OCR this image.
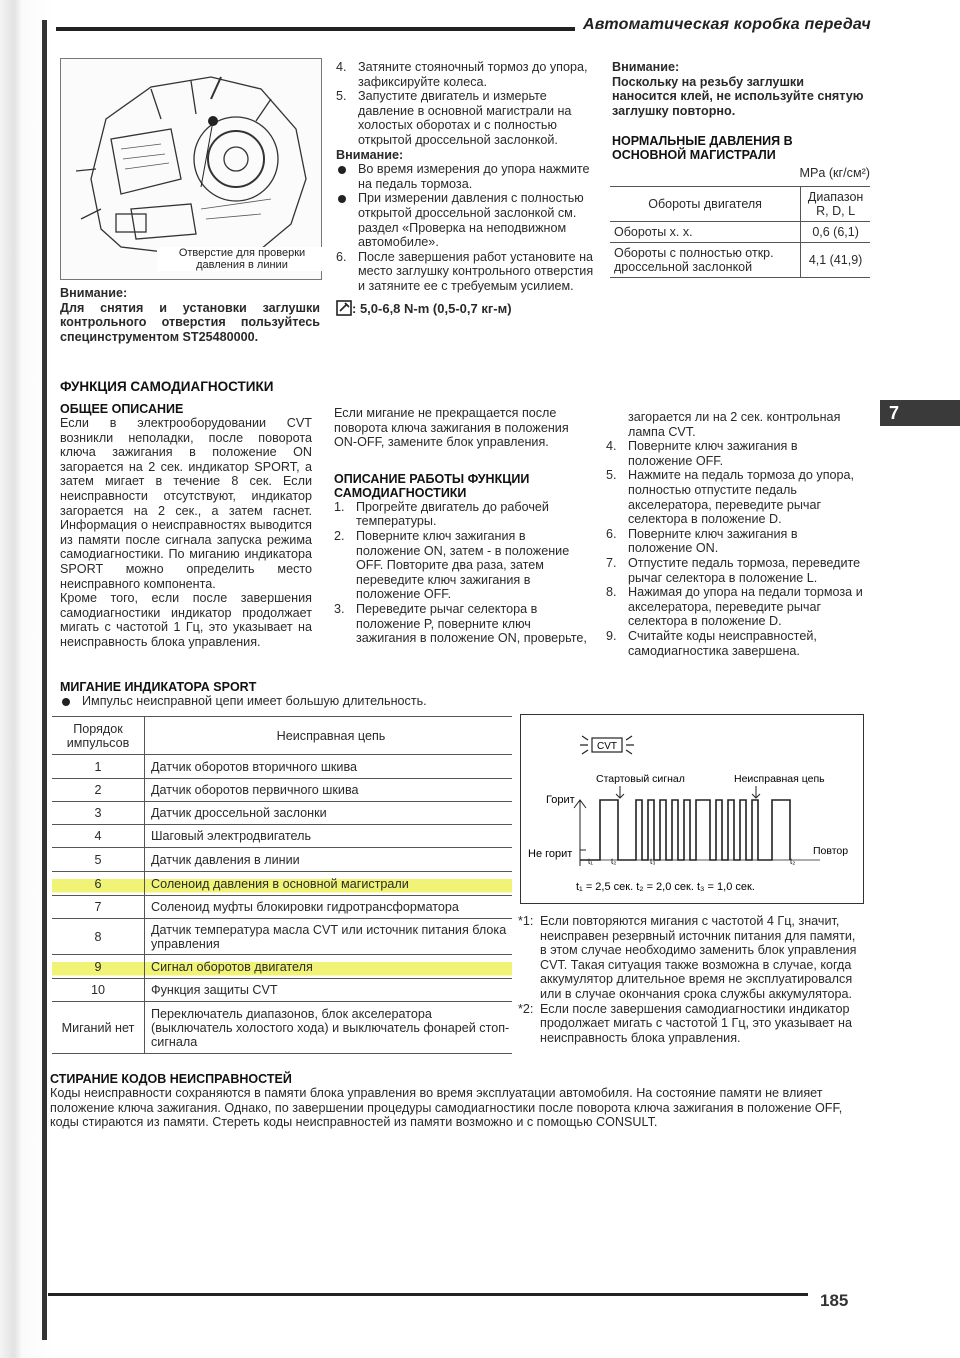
Автоматическая коробка передач
Отверстие для проверки давления в линии
Внимание:
Для снятия и установки заглушки контрольного отверстия пользуйтесь специнструментом ST25480000.
4. Затяните стояночный тормоз до упора, зафиксируйте колеса.
5. Запустите двигатель и измерьте давление в основной магистрали на холостых оборотах и с полностью открытой дроссельной заслонкой.
Внимание:
Во время измерения до упора нажмите на педаль тормоза.
При измерении давления с полностью открытой дроссельной заслонкой см. раздел «Проверка на неподвижном автомобиле».
6. После завершения работ установите на место заглушку контрольного отверстия и затяните ее с требуемым усилием.
: 5,0-6,8 N-m (0,5-0,7 кг-м)
Внимание:
Поскольку на резьбу заглушки наносится клей, не используйте снятую заглушку повторно.
НОРМАЛЬНЫЕ ДАВЛЕНИЯ В ОСНОВНОЙ МАГИСТРАЛИ
MPa (кг/см²)
Обороты двигателя	Диапазон R, D, L
Обороты х. х.	0,6 (6,1)
Обороты с полностью откр. дроссельной заслонкой	4,1 (41,9)
7
ФУНКЦИЯ САМОДИАГНОСТИКИ
ОБЩЕЕ ОПИСАНИЕ
Если в электрооборудовании CVT возникли неполадки, после поворота ключа зажигания в положение ON загорается на 2 сек. индикатор SPORT, а затем мигает в течение 8 сек. Если неисправности отсутствуют, индикатор загорается на 2 сек., а затем гаснет. Информация о неисправностях выводится из памяти после сигнала запуска режима самодиагностики. По миганию индикатора SPORT можно определить место неисправного компонента.
Кроме того, если после завершения самодиагностики индикатор продолжает мигать с частотой 1 Гц, это указывает на неисправность блока управления.
Если мигание не прекращается после поворота ключа зажигания в положения ON-OFF, замените блок управления.
ОПИСАНИЕ РАБОТЫ ФУНКЦИИ САМОДИАГНОСТИКИ
1. Прогрейте двигатель до рабочей температуры.
2. Поверните ключ зажигания в положение ON, затем - в положение OFF. Повторите два раза, затем переведите ключ зажигания в положение OFF.
3. Переведите рычаг селектора в положение P, поверните ключ зажигания в положение ON, проверьте,
загорается ли на 2 сек. контрольная лампа CVT.
4. Поверните ключ зажигания в положение OFF.
5. Нажмите на педаль тормоза до упора, полностью отпустите педаль акселератора, переведите рычаг селектора в положение D.
6. Поверните ключ зажигания в положение ON.
7. Отпустите педаль тормоза, переведите рычаг селектора в положение L.
8. Нажимая до упора на педали тормоза и акселератора, переведите рычаг селектора в положение D.
9. Считайте коды неисправностей, самодиагностика завершена.
МИГАНИЕ ИНДИКАТОРА SPORT
Импульс неисправной цепи имеет большую длительность.
Порядок импульсов	Неисправная цепь
1	Датчик оборотов вторичного шкива
2	Датчик оборотов первичного шкива
3	Датчик дроссельной заслонки
4	Шаговый электродвигатель
5	Датчик давления в линии
6	Соленоид давления в основной магистрали
7	Соленоид муфты блокировки гидротрансформатора
8	Датчик температура масла CVT или источник питания блока управления
9	Сигнал оборотов двигателя
10	Функция защиты CVT
Миганий нет	Переключатель диапазонов, блок акселератора (выключатель холостого хода) и выключатель фонарей стоп-сигнала
CVT
Горит
Не горит
Стартовый сигнал	Неисправная цепь
Повтор
t₁ = 2,5 сек. t₂ = 2,0 сек. t₃ = 1,0 сек.
t₁ t₂	t₃	t₂
*1: Если повторяются мигания с частотой 4 Гц, значит, неисправен резервный источник питания для памяти, в этом случае необходимо заменить блок управления CVT. Такая ситуация также возможна в случае, когда аккумулятор длительное время не эксплуатировался или в случае окончания срока службы аккумулятора.
*2: Если после завершения самодиагностики индикатор продолжает мигать с частотой 1 Гц, это указывает на неисправность блока управления.
СТИРАНИЕ КОДОВ НЕИСПРАВНОСТЕЙ
Коды неисправности сохраняются в памяти блока управления во время эксплуатации автомобиля. На состояние памяти не влияет положение ключа зажигания. Однако, по завершении процедуры самодиагностики после поворота ключа зажигания в положение OFF, коды стираются из памяти. Стереть коды неисправностей из памяти возможно и с помощью CONSULT.
185
